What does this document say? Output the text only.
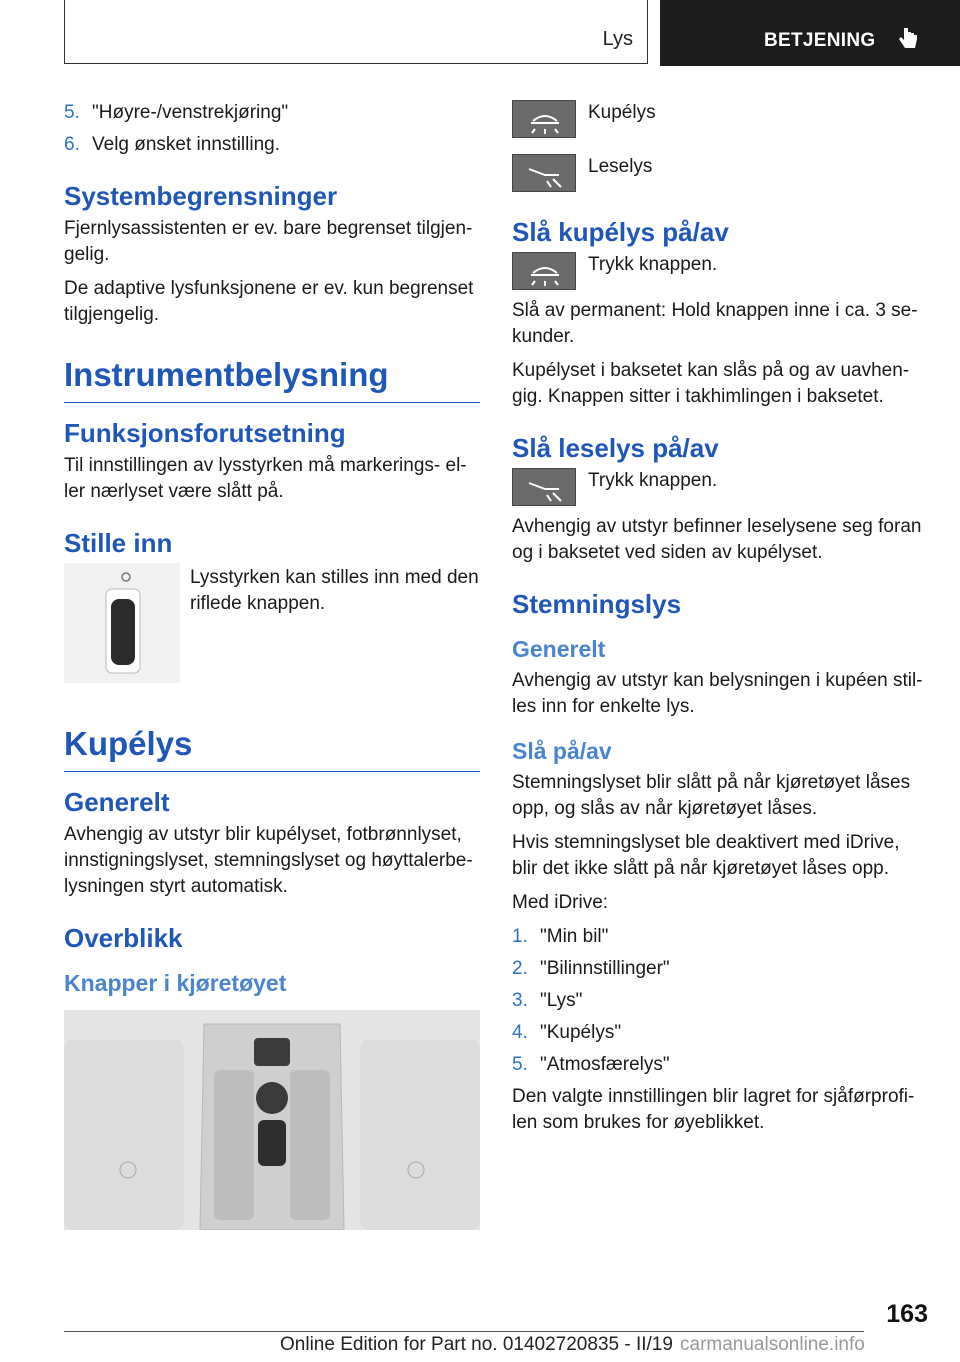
Lys	BETJENING
5. "Høyre-/venstrekjøring"
6. Velg ønsket innstilling.
Systembegrensninger

Fjernlysassistenten er ev. bare begrenset tilgjen‐ gelig.

De adaptive lysfunksjonene er ev. kun begrenset tilgjengelig.

Instrumentbelysning
Funksjonsforutsetning

Til innstillingen av lysstyrken må markerings‐ el‐ ler nærlyset være slått på.

Stille inn

Lysstyrken kan stilles inn med den riflede knappen.

Kupélys
Generelt

Avhengig av utstyr blir kupélyset, fotbrønnlyset, innstigningslyset, stemningslyset og høyttalerbe‐ lysningen styrt automatisk.

Overblikk
Knapper i kjøretøyet
Kupélys
Leselys
Slå kupélys på/av
Trykk knappen.

Slå av permanent: Hold knappen inne i ca. 3 se‐ kunder.

Kupélyset i baksetet kan slås på og av uavhen‐ gig. Knappen sitter i takhimlingen i baksetet.

Slå leselys på/av
Trykk knappen.

Avhengig av utstyr befinner leselysene seg foran og i baksetet ved siden av kupélyset.

Stemningslys
Generelt

Avhengig av utstyr kan belysningen i kupéen stil‐ les inn for enkelte lys.

Slå på/av

Stemningslyset blir slått på når kjøretøyet låses opp, og slås av når kjøretøyet låses.

Hvis stemningslyset ble deaktivert med iDrive, blir det ikke slått på når kjøretøyet låses opp.

Med iDrive:

1. "Min bil"
2. "Bilinnstillinger"
3. "Lys"
4. "Kupélys"
5. "Atmosfærelys"

Den valgte innstillingen blir lagret for sjåførprofi‐ len som brukes for øyeblikket.

163
Online Edition for Part no. 01402720835 - II/19 carmanualsonline.info
